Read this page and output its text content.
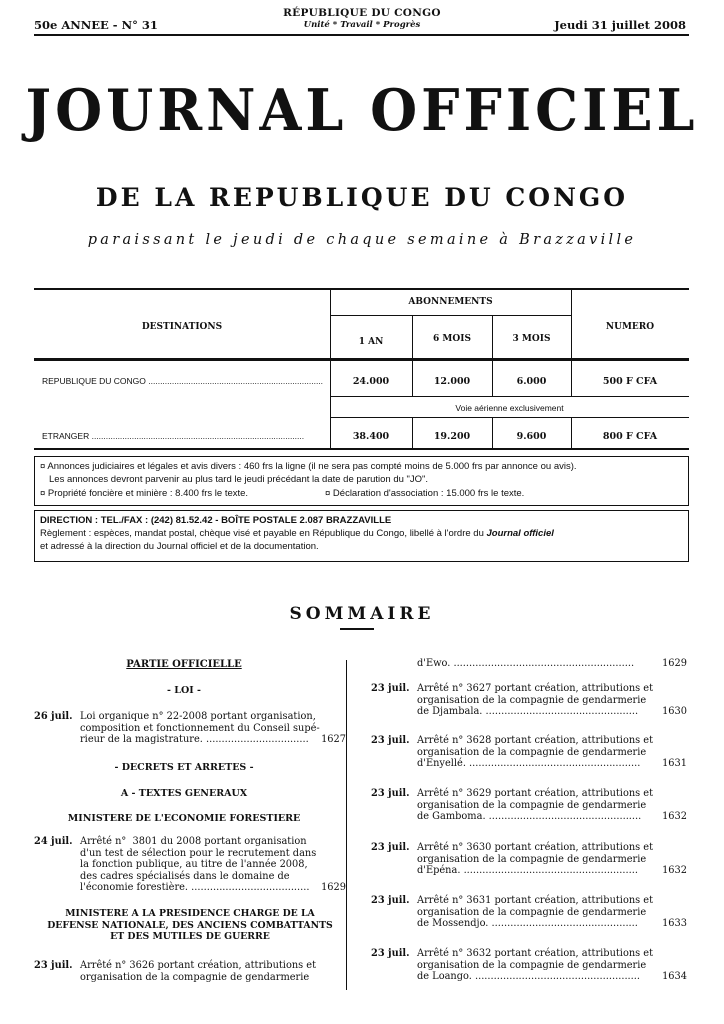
50e ANNEE - N° 31
RÉPUBLIQUE DU CONGO
Unité * Travail * Progrès	Jeudi 31 juillet 2008
JOURNAL OFFICIEL
DE LA REPUBLIQUE DU CONGO
paraissant le jeudi de chaque semaine à Brazzaville
DESTINATIONS
ABONNEMENTS
NUMERO
1 AN	6 MOIS	3 MOIS
REPUBLIQUE DU CONGO ..........................................................................	24.000	12.000	6.000	500 F CFA
Voie aérienne exclusivement
ETRANGER ..........................................................................................	38.400	19.200	9.600	800 F CFA
¤ Annonces judiciaires et légales et avis divers : 460 frs la ligne (il ne sera pas compté moins de 5.000 frs par annonce ou avis).
Les annonces devront parvenir au plus tard le jeudi précédant la date de parution du "JO".
¤ Propriété foncière et minière : 8.400 frs le texte.	¤ Déclaration d'association : 15.000 frs le texte.
DIRECTION : TEL./FAX : (242) 81.52.42 - BOÎTE POSTALE 2.087 BRAZZAVILLE
Règlement : espèces, mandat postal, chèque visé et payable en République du Congo, libellé à l'ordre du Journal officiel
et adressé à la direction du Journal officiel et de la documentation.
SOMMAIRE
PARTIE OFFICIELLE
- LOI -
26 juil. Loi organique n° 22-2008 portant organisation,
composition et fonctionnement du Conseil supé-
rieur de la magistrature. .................................	1627
- DECRETS ET ARRETES -
A - TEXTES GENERAUX
MINISTERE DE L'ECONOMIE FORESTIERE
24 juil. Arrêté n°  3801 du 2008 portant organisation
d'un test de sélection pour le recrutement dans
la fonction publique, au titre de l'année 2008,
des cadres spécialisés dans le domaine de
l'économie forestière. ......................................	1629
MINISTERE A LA PRESIDENCE CHARGE DE LA
DEFENSE NATIONALE, DES ANCIENS COMBATTANTS
ET DES MUTILES DE GUERRE
23 juil. Arrêté n° 3626 portant création, attributions et
organisation de la compagnie de gendarmerie
d'Ewo. ..........................................................	1629
23 juil. Arrêté n° 3627 portant création, attributions et
organisation de la compagnie de gendarmerie
de Djambala. .................................................	1630
23 juil. Arrêté n° 3628 portant création, attributions et
organisation de la compagnie de gendarmerie
d'Enyellé. .......................................................	1631
23 juil. Arrêté n° 3629 portant création, attributions et
organisation de la compagnie de gendarmerie
de Gamboma. .................................................	1632
23 juil. Arrêté n° 3630 portant création, attributions et
organisation de la compagnie de gendarmerie
d'Epéna. ........................................................	1632
23 juil. Arrêté n° 3631 portant création, attributions et
organisation de la compagnie de gendarmerie
de Mossendjo. ...............................................	1633
23 juil. Arrêté n° 3632 portant création, attributions et
organisation de la compagnie de gendarmerie
de Loango. .....................................................	1634
